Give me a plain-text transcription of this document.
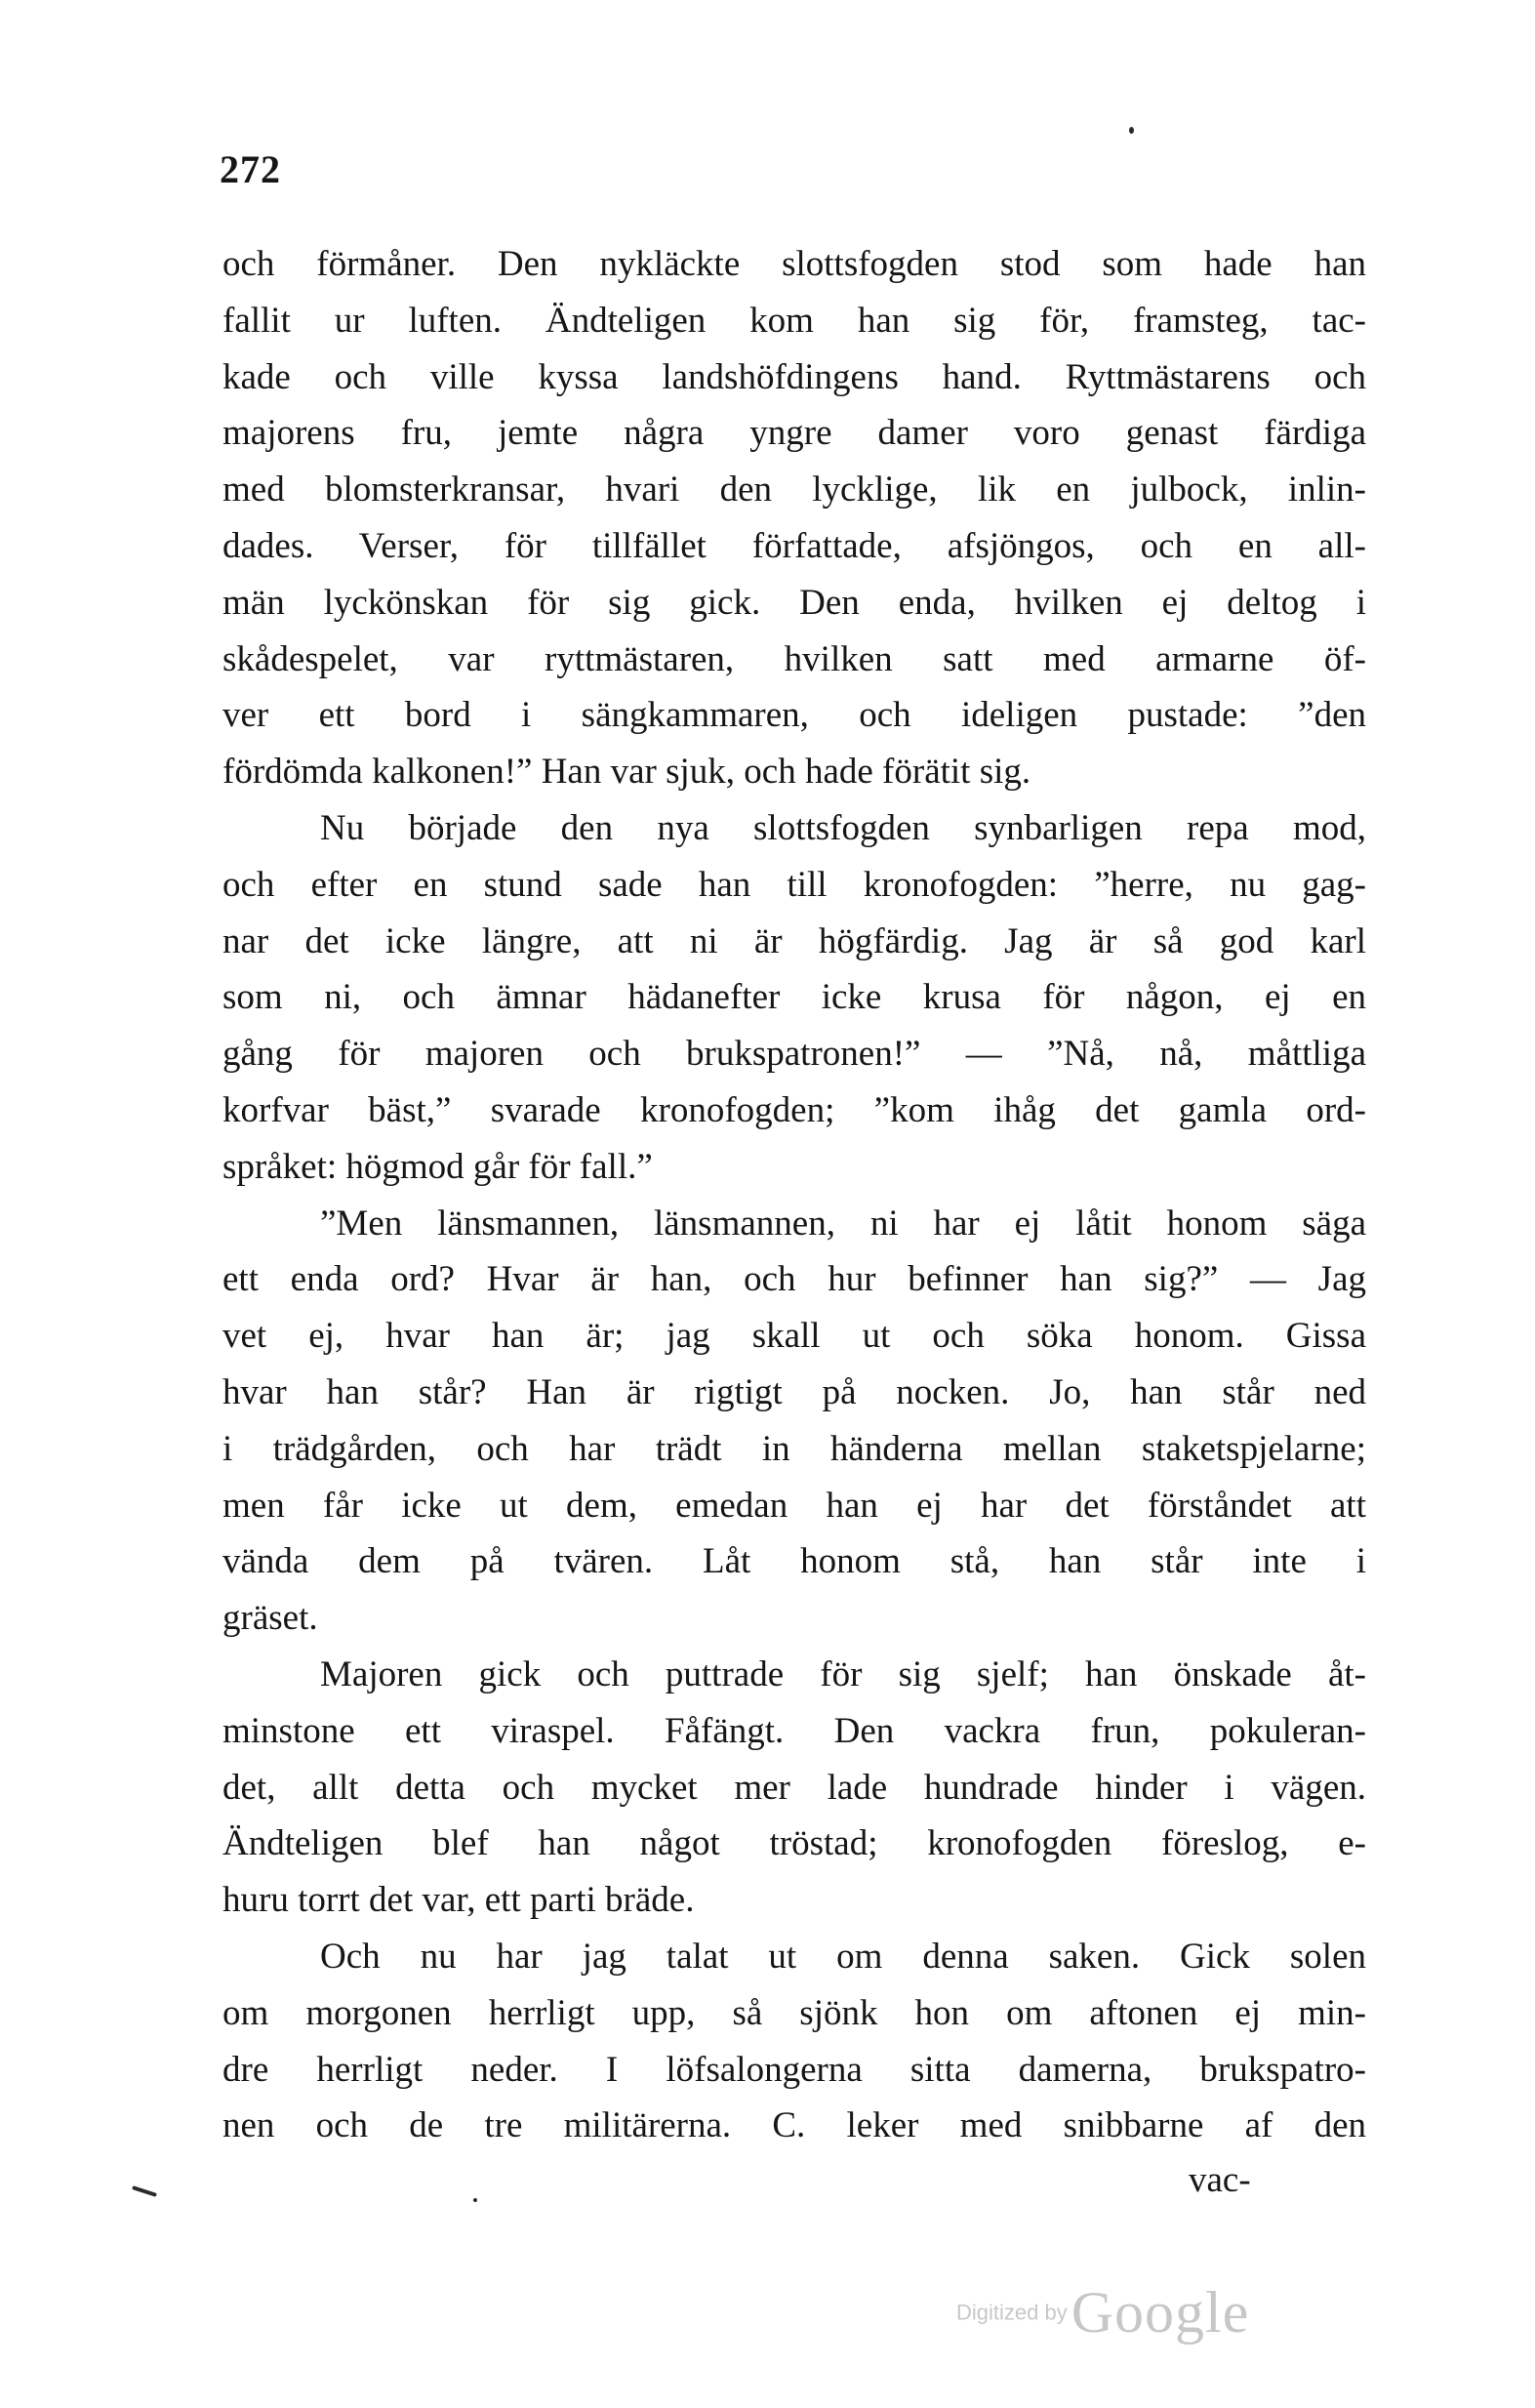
272
och förmåner. Den nykläckte slottsfogden stod som hade han
fallit ur luften. Ändteligen kom han sig för, framsteg, tac-
kade och ville kyssa landshöfdingens hand. Ryttmästarens och
majorens fru, jemte några yngre damer voro genast färdiga
med blomsterkransar, hvari den lycklige, lik en julbock, inlin-
dades. Verser, för tillfället författade, afsjöngos, och en all-
män lyckönskan för sig gick. Den enda, hvilken ej deltog i
skådespelet, var ryttmästaren, hvilken satt med armarne öf-
ver ett bord i sängkammaren, och ideligen pustade: ”den
fördömda kalkonen!” Han var sjuk, och hade förätit sig.
Nu började den nya slottsfogden synbarligen repa mod,
och efter en stund sade han till kronofogden: ”herre, nu gag-
nar det icke längre, att ni är högfärdig. Jag är så god karl
som ni, och ämnar hädanefter icke krusa för någon, ej en
gång för majoren och brukspatronen!” — ”Nå, nå, måttliga
korfvar bäst,” svarade kronofogden; ”kom ihåg det gamla ord-
språket: högmod går för fall.”
”Men länsmannen, länsmannen, ni har ej låtit honom säga
ett enda ord? Hvar är han, och hur befinner han sig?” — Jag
vet ej, hvar han är; jag skall ut och söka honom. Gissa
hvar han står? Han är rigtigt på nocken. Jo, han står ned
i trädgården, och har trädt in händerna mellan staketspjelarne;
men får icke ut dem, emedan han ej har det förståndet att
vända dem på tvären. Låt honom stå, han står inte i
gräset.
Majoren gick och puttrade för sig sjelf; han önskade åt-
minstone ett viraspel. Fåfängt. Den vackra frun, pokuleran-
det, allt detta och mycket mer lade hundrade hinder i vägen.
Ändteligen blef han något tröstad; kronofogden föreslog, e-
huru torrt det var, ett parti bräde.
Och nu har jag talat ut om denna saken. Gick solen
om morgonen herrligt upp, så sjönk hon om aftonen ej min-
dre herrligt neder. I löfsalongerna sitta damerna, brukspatro-
nen och de tre militärerna. C. leker med snibbarne af den
vac-
Digitized by Google
